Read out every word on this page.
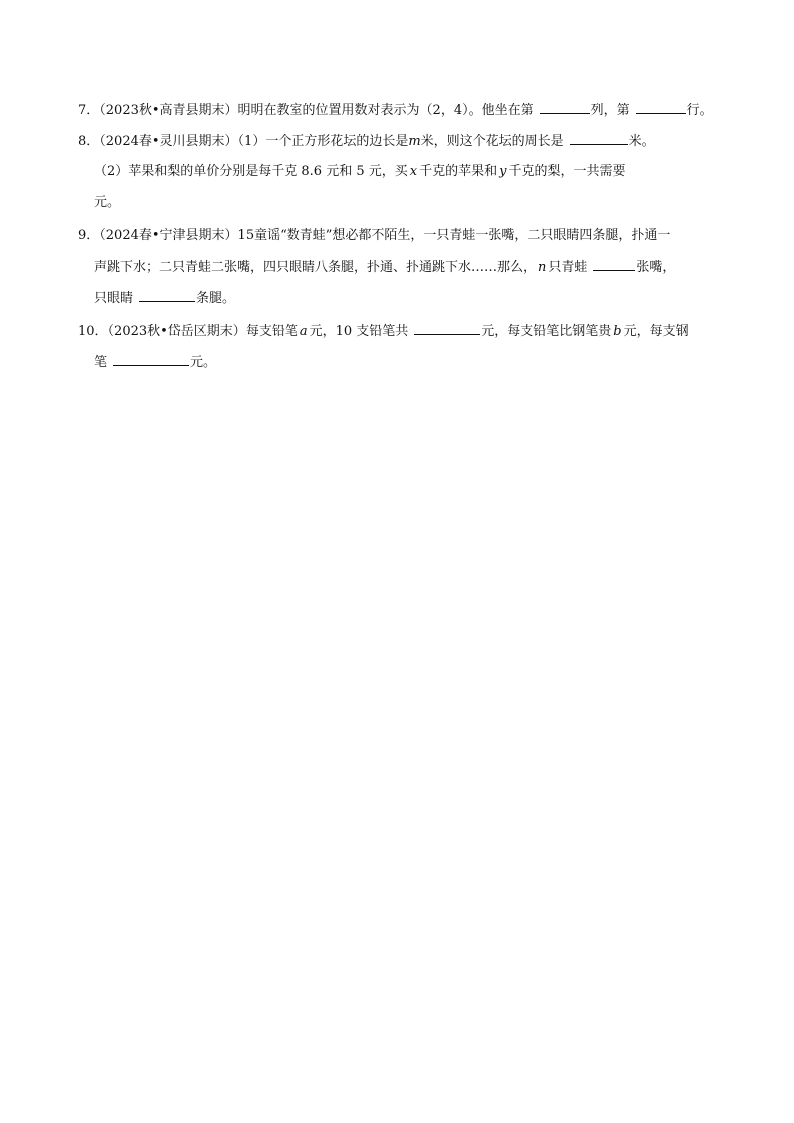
7．（2023秋•高青县期末）明明在教室的位置用数对表示为（2，4）。他坐在第	列，第	行。
8．（2024春•灵川县期末）（1）一个正方形花坛的边长是m米，则这个花坛的周长是	米。
（2）苹果和梨的单价分别是每千克 8.6 元和 5 元，买 x 千克的苹果和 y 千克的梨，一共需要
元。
9．（2024春•宁津县期末）15童谣“数青蛙”想必都不陌生，一只青蛙一张嘴，二只眼睛四条腿，扑通一
声跳下水；二只青蛙二张嘴，四只眼睛八条腿，扑通、扑通跳下水……那么， n 只青蛙	张嘴，
只眼睛	条腿。
10．（2023秋•岱岳区期末）每支铅笔 a 元，10 支铅笔共	元，每支铅笔比钢笔贵 b 元，每支钢
笔	元。
